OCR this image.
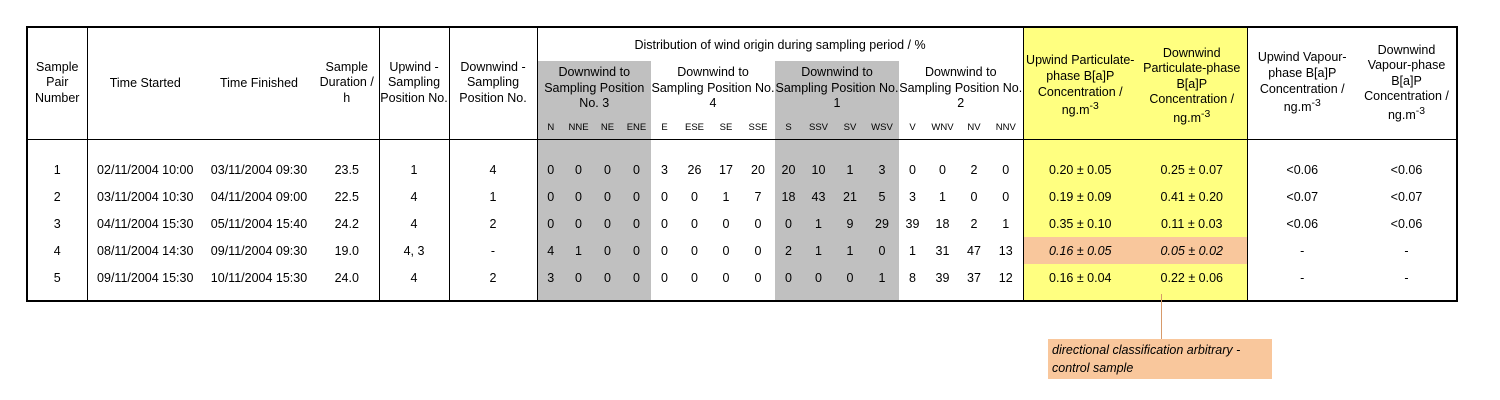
Sample Pair Number	Time Started	Time Finished	Sample Duration / h	Upwind - Sampling Position No.	Downwind - Sampling Position No.	Distribution of wind origin during sampling period / %																Upwind Particulate-phase B[a]P Concentration / $ng.m^{-3}$	Downwind Particulate-phase B[a]P Concentration / $ng.m^{-3}$	Upwind Vapour-phase B[a]P Concentration / $ng.m^{-3}$	Downwind Vapour-phase B[a]P Concentration / $ng.m^{-3}$
						Downwind to Sampling Position No. 3				Downwind to Sampling Position No. 4				Downwind to Sampling Position No. 1				Downwind to Sampling Position No. 2							
						N	NNE	NE	ENE	E	ESE	SE	SSE	S	SSV	SV	WSV	V	WNV	NV	NNV				

1	02/11/2004 10:00	03/11/2004 09:30	23.5	1	4	0	0	0	0	3	26	17	20	20	10	1	3	0	0	2	0	0.20 ± 0.05	0.25 ± 0.07	<0.06	<0.06
2	03/11/2004 10:30	04/11/2004 09:00	22.5	4	1	0	0	0	0	0	0	1	7	18	43	21	5	3	1	0	0	0.19 ± 0.09	0.41 ± 0.20	<0.07	<0.07
3	04/11/2004 15:30	05/11/2004 15:40	24.2	4	2	0	0	0	0	0	0	0	0	0	1	9	29	39	18	2	1	0.35 ± 0.10	0.11 ± 0.03	<0.06	<0.06
4	08/11/2004 14:30	09/11/2004 09:30	19.0	4, 3	-	4	1	0	0	0	0	0	0	2	1	1	0	1	31	47	13	0.16 ± 0.05	0.05 ± 0.02	-	-
5	09/11/2004 15:30	10/11/2004 15:30	24.0	4	2	3	0	0	0	0	0	0	0	0	0	0	1	8	39	37	12	0.16 ± 0.04	0.22 ± 0.06	-	-

directional classification arbitrary - control sample
